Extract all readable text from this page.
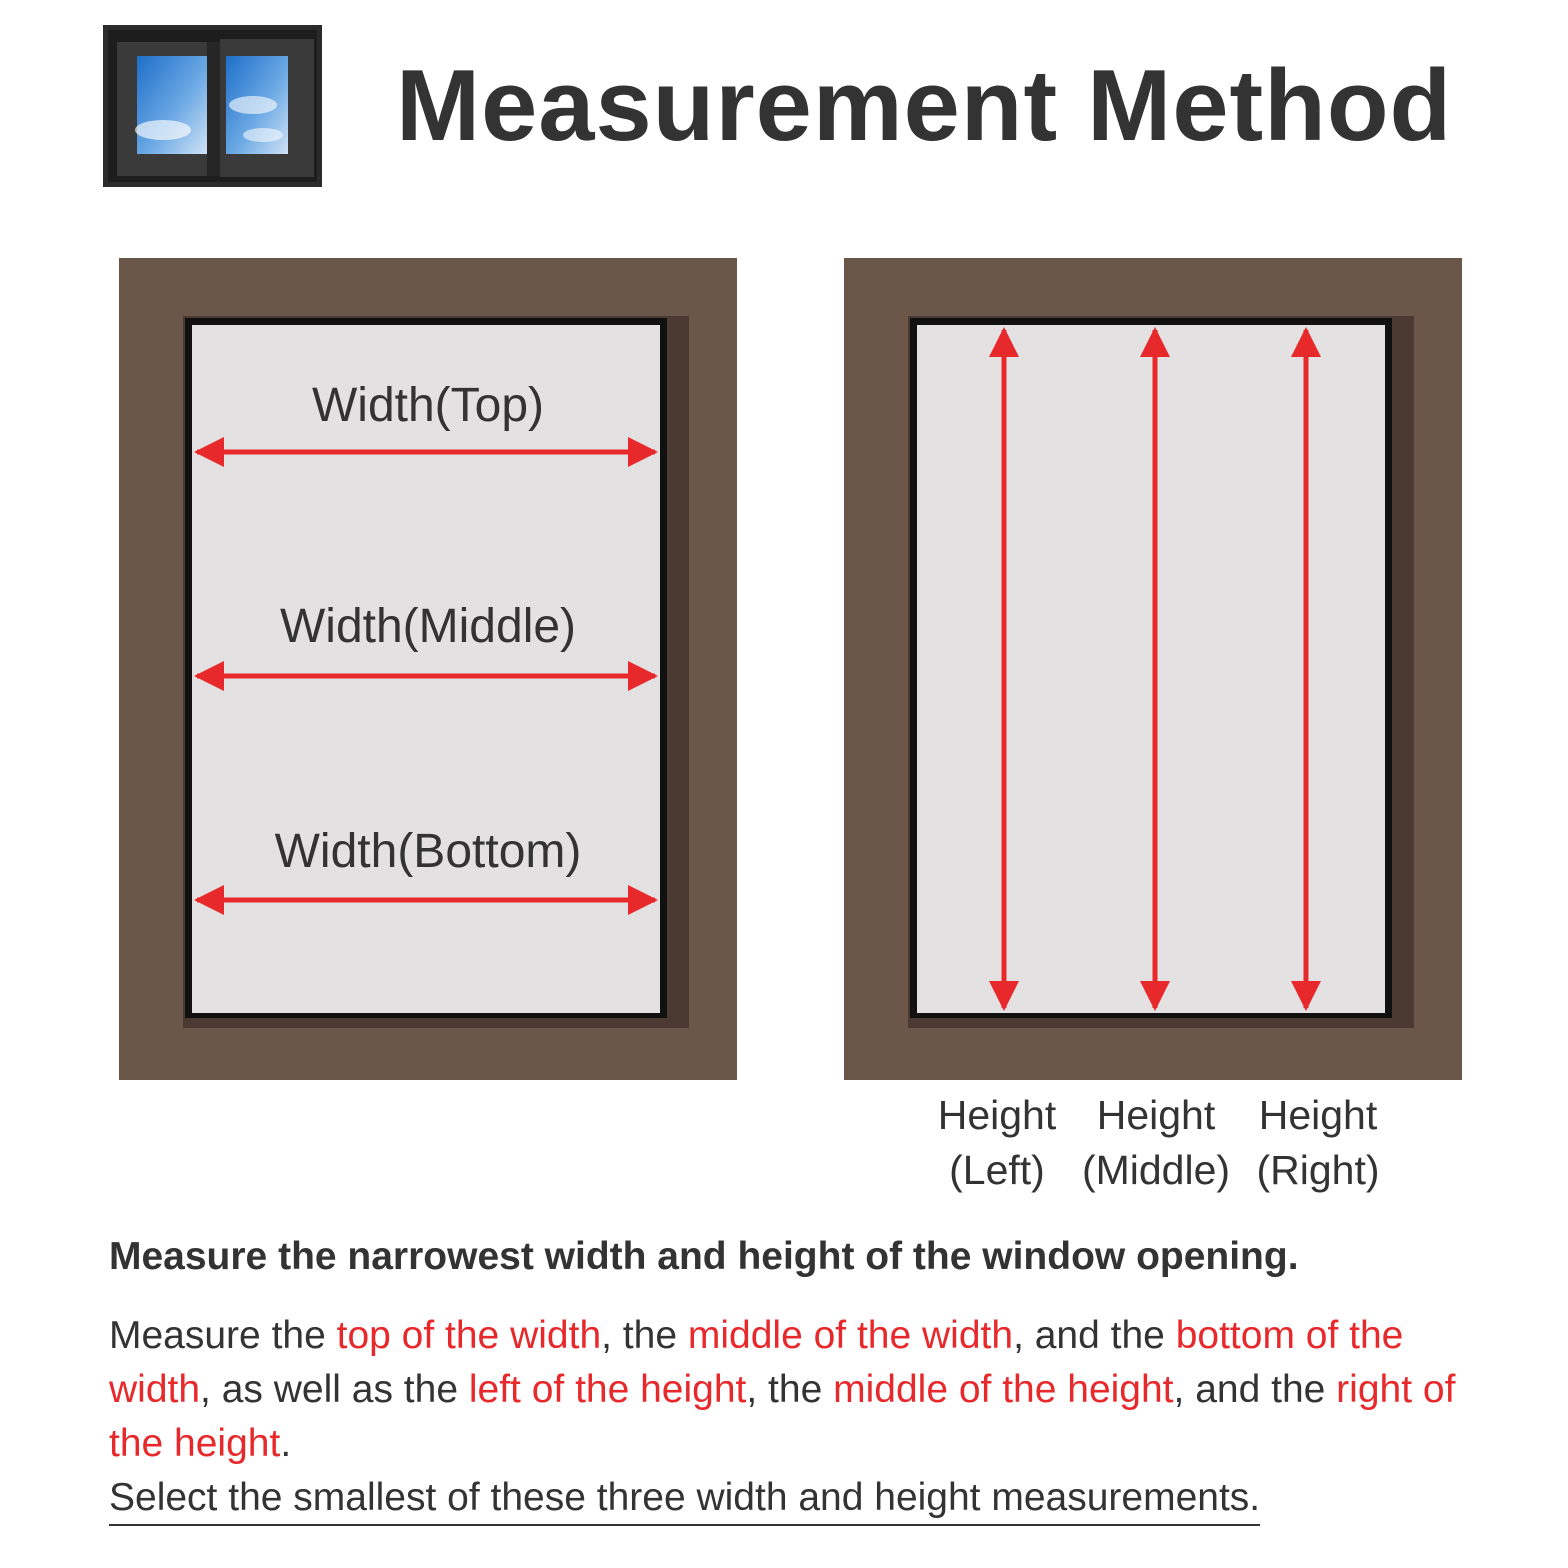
Measurement Method
Width(Top)
Width(Middle)
Width(Bottom)
Height
(Left)
Height
(Middle)
Height
(Right)
Measure the narrowest width and height of the window opening.
Measure the top of the width, the middle of the width, and the bottom of the width, as well as the left of the height, the middle of the height, and the right of the height.
Select the smallest of these three width and height measurements.
